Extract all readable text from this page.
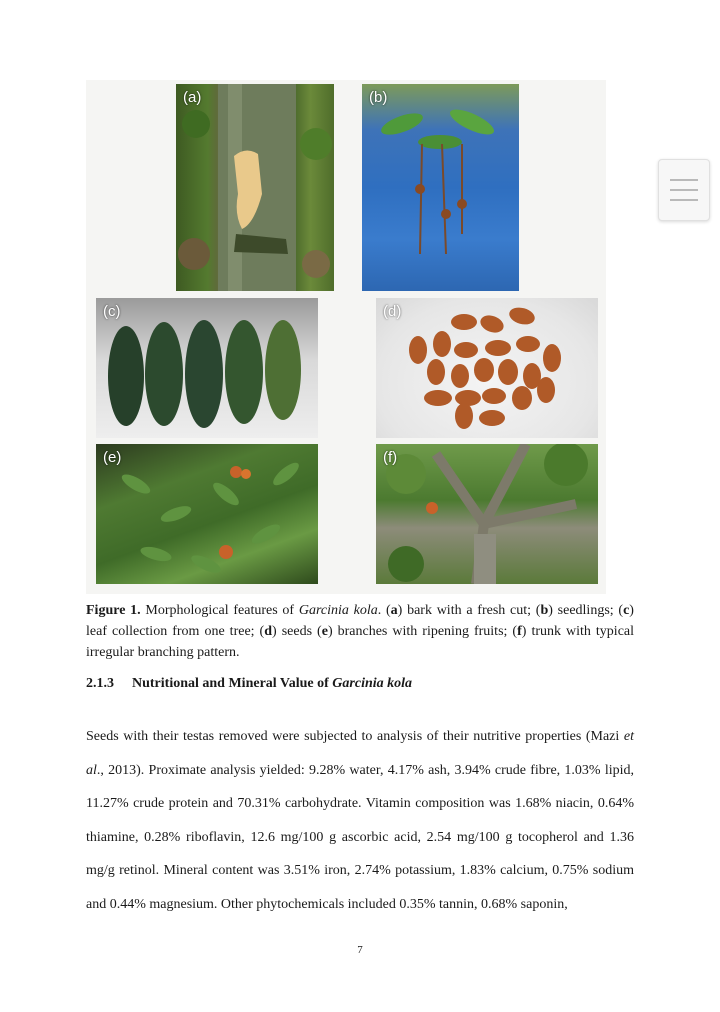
(a)	(b)
(c)	(d)
(e)	(f)

Figure 1. Morphological features of Garcinia kola. (a) bark with a fresh cut; (b) seedlings; (c) leaf collection from one tree; (d) seeds (e) branches with ripening fruits; (f) trunk with typical irregular branching pattern.

2.1.3 Nutritional and Mineral Value of Garcinia kola

Seeds with their testas removed were subjected to analysis of their nutritive properties (Mazi et al., 2013). Proximate analysis yielded: 9.28% water, 4.17% ash, 3.94% crude fibre, 1.03% lipid, 11.27% crude protein and 70.31% carbohydrate. Vitamin composition was 1.68% niacin, 0.64% thiamine, 0.28% riboflavin, 12.6 mg/100 g ascorbic acid, 2.54 mg/100 g tocopherol and 1.36 mg/g retinol. Mineral content was 3.51% iron, 2.74% potassium, 1.83% calcium, 0.75% sodium and 0.44% magnesium. Other phytochemicals included 0.35% tannin, 0.68% saponin,

7
